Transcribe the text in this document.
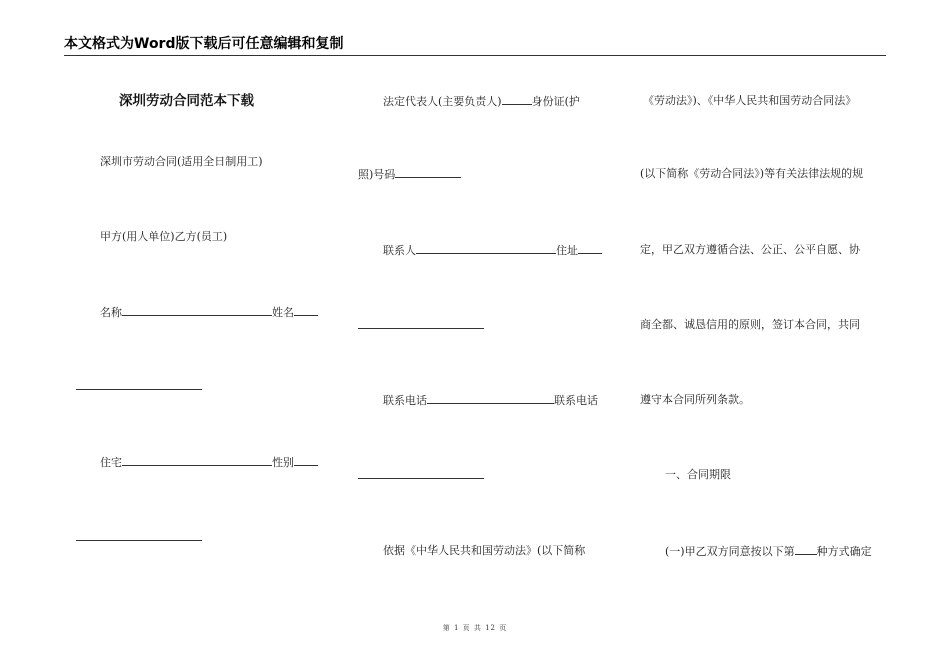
本文格式为Word版下载后可任意编辑和复制
深圳劳动合同范本下载
深圳市劳动合同(适用全日制用工)
甲方(用人单位)乙方(员工)
名称	姓名
住宅	性别
法定代表人(主要负责人)	身份证(护
照)号码
联系人	住址
联系电话	联系电话
依据《中华人民共和国劳动法》(以下简称
《劳动法》)、《中华人民共和国劳动合同法》
(以下简称《劳动合同法》)等有关法律法规的规
定，甲乙双方遵循合法、公正、公平自愿、协
商全都、诚恳信用的原则，签订本合同，共同
遵守本合同所列条款。
一、合同期限
(一)甲乙双方同意按以下第 种方式确定
第 1 页 共 12 页
